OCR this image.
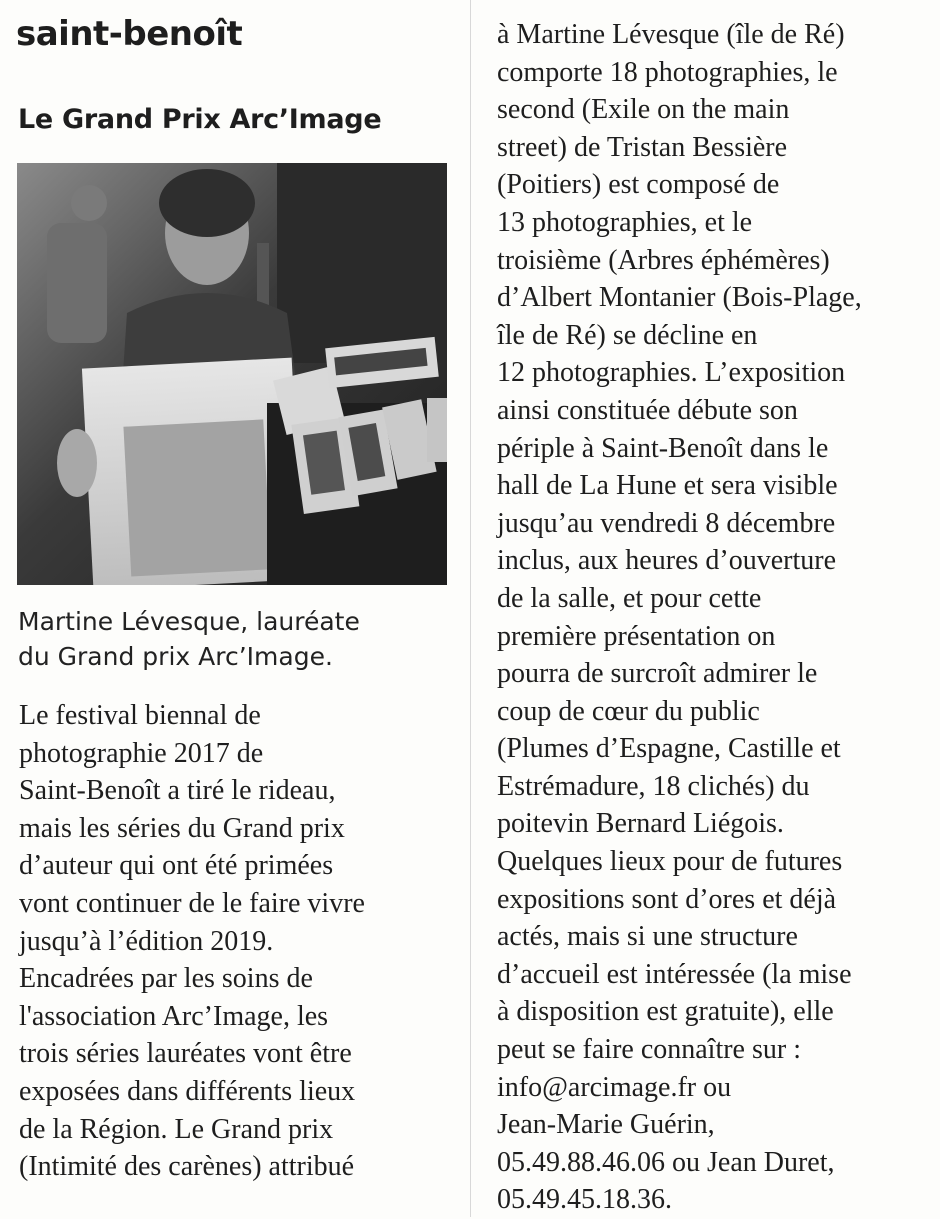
saint-benoît
Le Grand Prix Arc’Image

Martine Lévesque, lauréate
du Grand prix Arc’Image.

Le festival biennal de
photographie 2017 de
Saint-Benoît a tiré le rideau,
mais les séries du Grand prix
d’auteur qui ont été primées
vont continuer de le faire vivre
jusqu’à l’édition 2019.
Encadrées par les soins de
l'association Arc’Image, les
trois séries lauréates vont être
exposées dans différents lieux
de la Région. Le Grand prix
(Intimité des carènes) attribué

à Martine Lévesque (île de Ré)
comporte 18 photographies, le
second (Exile on the main
street) de Tristan Bessière
(Poitiers) est composé de
13 photographies, et le
troisième (Arbres éphémères)
d’Albert Montanier (Bois-Plage,
île de Ré) se décline en
12 photographies. L’exposition
ainsi constituée débute son
périple à Saint-Benoît dans le
hall de La Hune et sera visible
jusqu’au vendredi 8 décembre
inclus, aux heures d’ouverture
de la salle, et pour cette
première présentation on
pourra de surcroît admirer le
coup de cœur du public
(Plumes d’Espagne, Castille et
Estrémadure, 18 clichés) du
poitevin Bernard Liégois.
Quelques lieux pour de futures
expositions sont d’ores et déjà
actés, mais si une structure
d’accueil est intéressée (la mise
à disposition est gratuite), elle
peut se faire connaître sur :
info@arcimage.fr ou
Jean-Marie Guérin,
05.49.88.46.06 ou Jean Duret,
05.49.45.18.36.
